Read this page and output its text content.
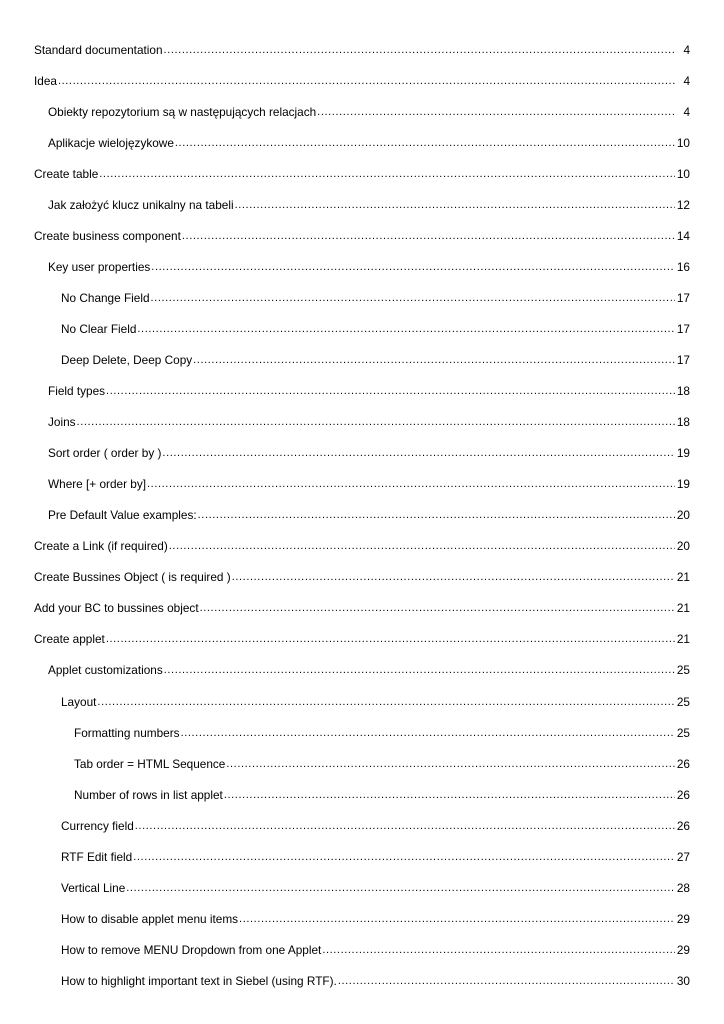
Standard documentation .....	4
Idea .....	4
Obiekty repozytorium są w następujących relacjach .....	4
Aplikacje wielojęzykowe .....	10
Create table .....	10
Jak założyć klucz unikalny na tabeli .....	12
Create business component .....	14
Key user properties .....	16
No Change Field .....	17
No Clear Field .....	17
Deep Delete, Deep Copy .....	17
Field types .....	18
Joins .....	18
Sort order ( order by ) .....	19
Where [+ order by] .....	19
Pre Default Value examples: .....	20
Create a Link (if required) .....	20
Create Bussines Object ( is required ) .....	21
Add your BC to bussines object .....	21
Create applet .....	21
Applet customizations .....	25
Layout .....	25
Formatting numbers .....	25
Tab order = HTML Sequence .....	26
Number of rows in list applet .....	26
Currency field .....	26
RTF Edit field .....	27
Vertical Line .....	28
How to disable applet menu items .....	29
How to remove MENU Dropdown from one Applet .....	29
How to highlight important text in Siebel (using RTF). .....	30
